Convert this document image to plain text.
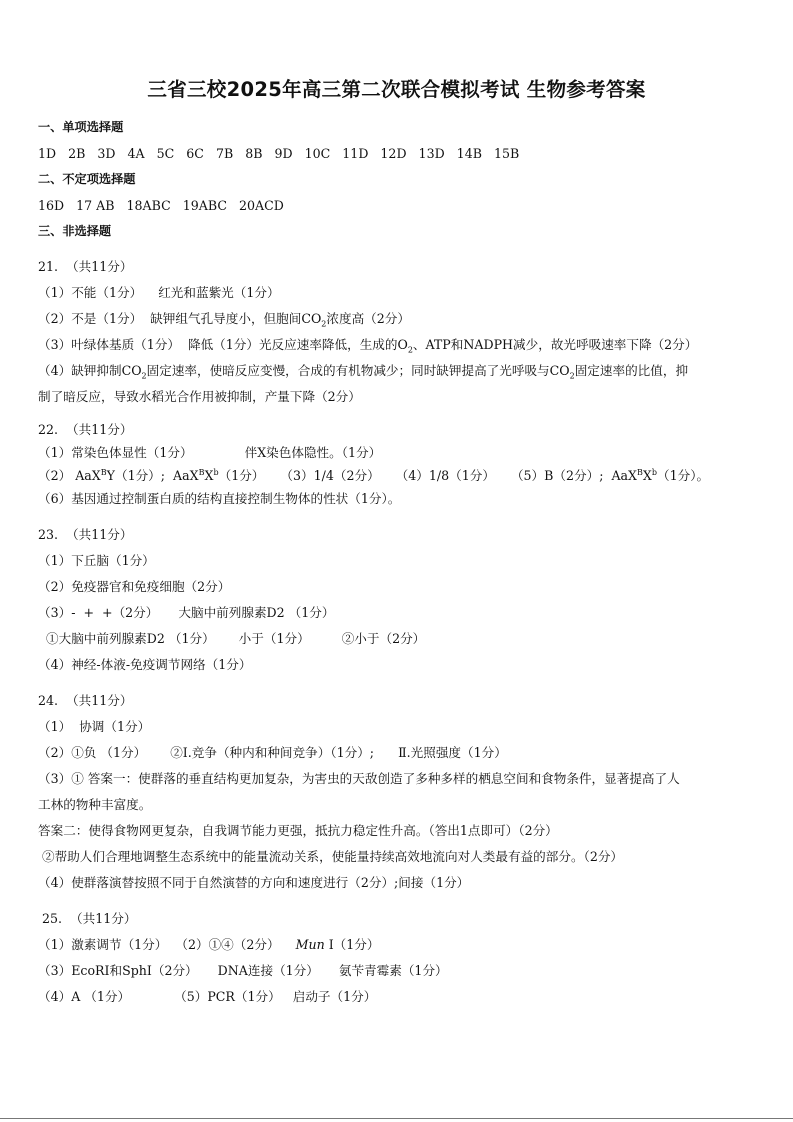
三省三校2025年高三第二次联合模拟考试 生物参考答案
一、单项选择题
1D   2B   3D   4A   5C   6C   7B   8B   9D   10C   11D   12D   13D   14B   15B
二、不定项选择题
16D   17 AB   18ABC   19ABC   20ACD
三、非选择题
21.  （共11分）
（1）不能（1分）    红光和蓝紫光（1分）
（2）不是（1分）  缺钾组气孔导度小，但胞间$CO_2$浓度高（2分）
（3）叶绿体基质（1分）  降低（1分）光反应速率降低，生成的$O_2$、ATP和NADPH减少，故光呼吸速率下降（2分）
（4）缺钾抑制$CO_2$固定速率，使暗反应变慢，合成的有机物减少；同时缺钾提高了光呼吸与$CO_2$固定速率的比值，抑
制了暗反应，导致水稻光合作用被抑制，产量下降（2分）
22.  （共11分）
（1）常染色体显性（1分）             伴X染色体隐性。（1分）
（2） AaX$^B$Y（1分）;  $AaX^BX^b(1$分）    （3）1/4（2分）    （4）1/8（1分）    （5）B（2分）;  $AaX^BX^b(1$分）。
（6）基因通过控制蛋白质的结构直接控制生物体的性状（1分）。
23.  （共11分）
（1）下丘脑（1分）
（2）免疫器官和免疫细胞（2分）
（3）-  +  +（2分）     大脑中前列腺素D2 （1分）
①大脑中前列腺素D2 （1分）      小于（1分）        ②小于（2分）
（4）神经-体液-免疫调节网络（1分）
24.  （共11分）
（1）  协调（1分）
（2）①负 （1分）      ②Ⅰ.竞争（种内和种间竞争）（1分）;      Ⅱ.光照强度（1分）
（3）① 答案一：使群落的垂直结构更加复杂，为害虫的天敌创造了多种多样的栖息空间和食物条件，显著提高了人
工林的物种丰富度。
答案二：使得食物网更复杂，自我调节能力更强，抵抗力稳定性升高。（答出1点即可）（2分）
②帮助人们合理地调整生态系统中的能量流动关系，使能量持续高效地流向对人类最有益的部分。（2分）
（4）使群落演替按照不同于自然演替的方向和速度进行（2分）;间接（1分）
25.  （共11分）
（1）激素调节（1分）  （2）①④（2分）    Mun Ⅰ（1分）
（3）EcoRⅠ和SphⅠ（2分）     DNA连接（1分）     氨苄青霉素（1分）
（4）A （1分）           （5）PCR（1分）   启动子（1分）
